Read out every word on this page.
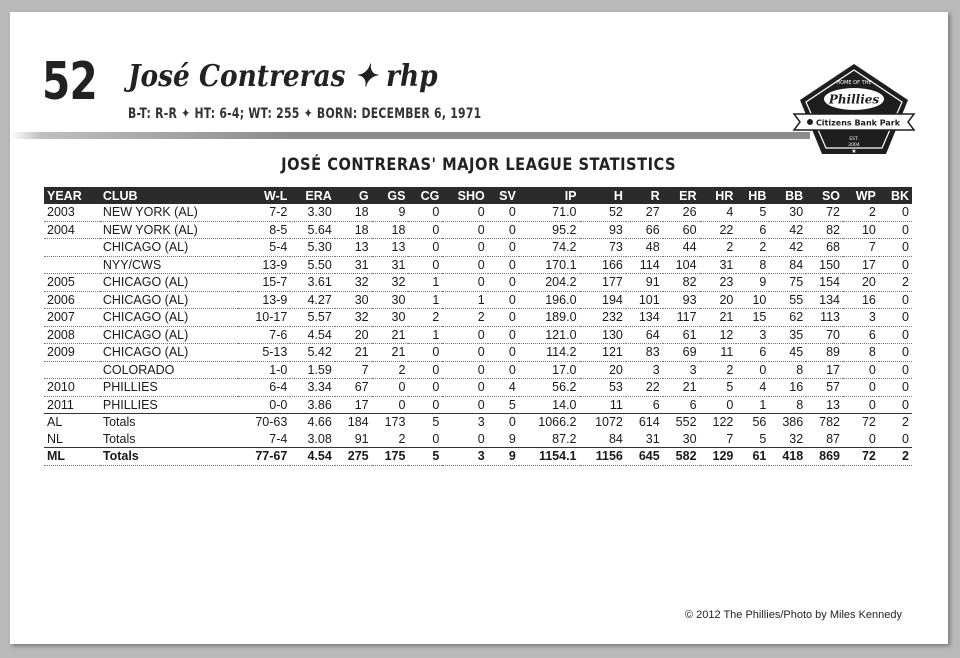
52 José Contreras ✦ rhp
B-T: R-R ✦ HT: 6-4; WT: 255 ✦ BORN: DECEMBER 6, 1971
HOME OF THE
Phillies
Citizens Bank Park
EST.
2004
★
JOSÉ CONTRERAS' MAJOR LEAGUE STATISTICS
YEAR	CLUB	W-L	ERA	G	GS	CG	SHO	SV	IP	H	R	ER	HR	HB	BB	SO	WP	BK
2003	NEW YORK (AL)	7-2	3.30	18	9	0	0	0	71.0	52	27	26	4	5	30	72	2	0
2004	NEW YORK (AL)	8-5	5.64	18	18	0	0	0	95.2	93	66	60	22	6	42	82	10	0
	CHICAGO (AL)	5-4	5.30	13	13	0	0	0	74.2	73	48	44	2	2	42	68	7	0
	NYY/CWS	13-9	5.50	31	31	0	0	0	170.1	166	114	104	31	8	84	150	17	0
2005	CHICAGO (AL)	15-7	3.61	32	32	1	0	0	204.2	177	91	82	23	9	75	154	20	2
2006	CHICAGO (AL)	13-9	4.27	30	30	1	1	0	196.0	194	101	93	20	10	55	134	16	0
2007	CHICAGO (AL)	10-17	5.57	32	30	2	2	0	189.0	232	134	117	21	15	62	113	3	0
2008	CHICAGO (AL)	7-6	4.54	20	21	1	0	0	121.0	130	64	61	12	3	35	70	6	0
2009	CHICAGO (AL)	5-13	5.42	21	21	0	0	0	114.2	121	83	69	11	6	45	89	8	0
	COLORADO	1-0	1.59	7	2	0	0	0	17.0	20	3	3	2	0	8	17	0	0
2010	PHILLIES	6-4	3.34	67	0	0	0	4	56.2	53	22	21	5	4	16	57	0	0
2011	PHILLIES	0-0	3.86	17	0	0	0	5	14.0	11	6	6	0	1	8	13	0	0
AL	Totals	70-63	4.66	184	173	5	3	0	1066.2	1072	614	552	122	56	386	782	72	2
NL	Totals	7-4	3.08	91	2	0	0	9	87.2	84	31	30	7	5	32	87	0	0
ML	Totals	77-67	4.54	275	175	5	3	9	1154.1	1156	645	582	129	61	418	869	72	2
© 2012 The Phillies/Photo by Miles Kennedy
